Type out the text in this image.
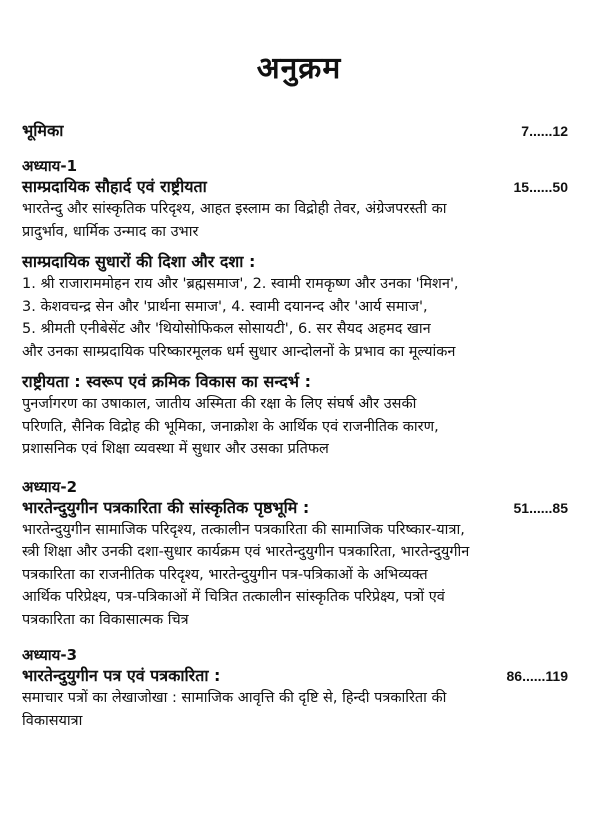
अनुक्रम
भूमिका	7......12
अध्याय-1
साम्प्रदायिक सौहार्द एवं राष्ट्रीयता	15......50
भारतेन्दु और सांस्कृतिक परिदृश्य, आहत इस्लाम का विद्रोही तेवर, अंग्रेजपरस्ती का
प्रादुर्भाव, धार्मिक उन्माद का उभार
साम्प्रदायिक सुधारों की दिशा और दशा :
1. श्री राजाराममोहन राय और 'ब्रह्मसमाज', 2. स्वामी रामकृष्ण और उनका 'मिशन',
3. केशवचन्द्र सेन और 'प्रार्थना समाज', 4. स्वामी दयानन्द और 'आर्य समाज',
5. श्रीमती एनीबेसेंट और 'थियोसोफिकल सोसायटी', 6. सर सैयद अहमद खान
और उनका साम्प्रदायिक परिष्कारमूलक धर्म सुधार आन्दोलनों के प्रभाव का मूल्यांकन
राष्ट्रीयता : स्वरूप एवं क्रमिक विकास का सन्दर्भ :
पुनर्जागरण का उषाकाल, जातीय अस्मिता की रक्षा के लिए संघर्ष और उसकी
परिणति, सैनिक विद्रोह की भूमिका, जनाक्रोश के आर्थिक एवं राजनीतिक कारण,
प्रशासनिक एवं शिक्षा व्यवस्था में सुधार और उसका प्रतिफल
अध्याय-2
भारतेन्दुयुगीन पत्रकारिता की सांस्कृतिक पृष्ठभूमि :	51......85
भारतेन्दुयुगीन सामाजिक परिदृश्य, तत्कालीन पत्रकारिता की सामाजिक परिष्कार-यात्रा,
स्त्री शिक्षा और उनकी दशा-सुधार कार्यक्रम एवं भारतेन्दुयुगीन पत्रकारिता, भारतेन्दुयुगीन
पत्रकारिता का राजनीतिक परिदृश्य, भारतेन्दुयुगीन पत्र-पत्रिकाओं के अभिव्यक्त
आर्थिक परिप्रेक्ष्य, पत्र-पत्रिकाओं में चित्रित तत्कालीन सांस्कृतिक परिप्रेक्ष्य, पत्रों एवं
पत्रकारिता का विकासात्मक चित्र
अध्याय-3
भारतेन्दुयुगीन पत्र एवं पत्रकारिता :	86......119
समाचार पत्रों का लेखाजोखा : सामाजिक आवृत्ति की दृष्टि से, हिन्दी पत्रकारिता की
विकासयात्रा
